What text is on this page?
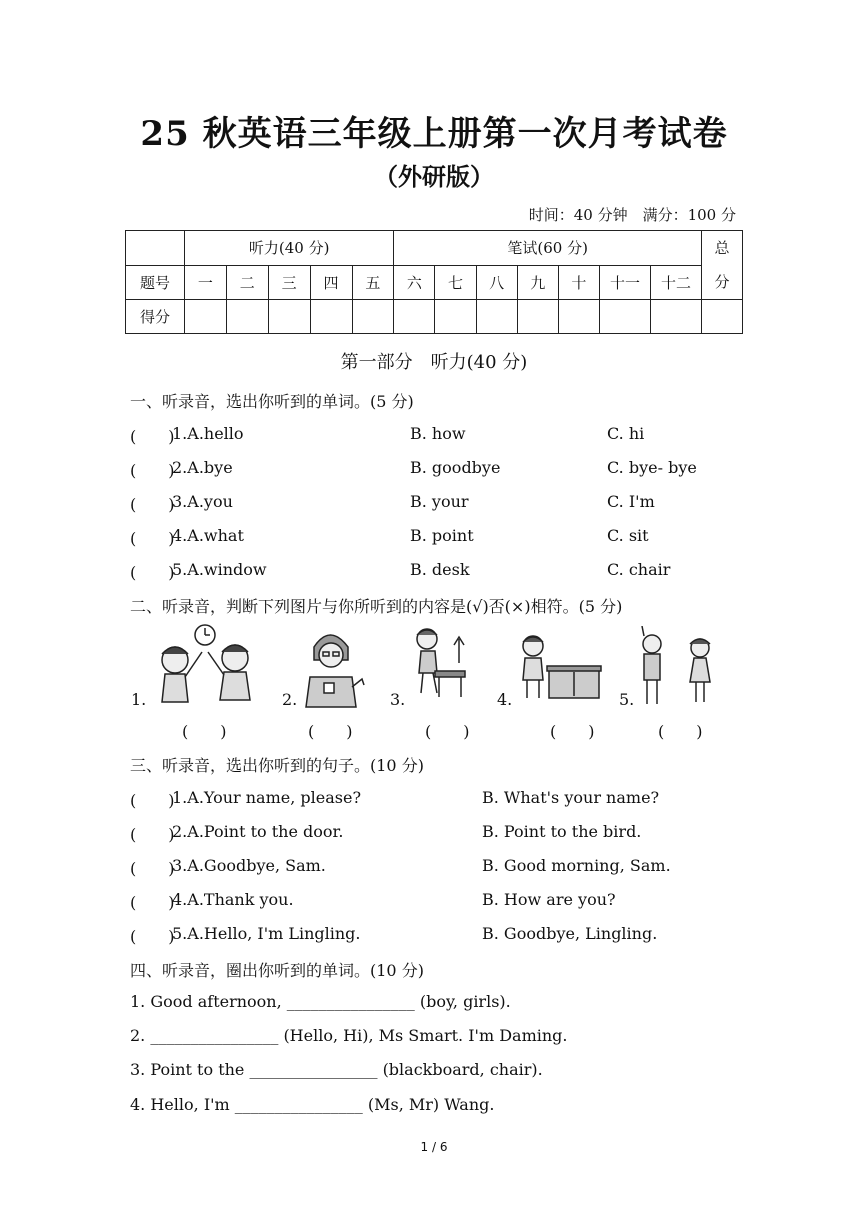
25 秋英语三年级上册第一次月考试卷
（外研版）
时间：40 分钟　满分：100 分
	听力(40 分)					笔试(60 分)							总
分
题号	一	二	三	四	五	六	七	八	九	十	十一	十二	
得分													
第一部分　听力(40 分)
一、听录音，选出你听到的单词。(5 分)
(　　)
1.A.hello	B. how	C. hi
(　　)
2.A.bye	B. goodbye	C. bye- bye
(　　)
3.A.you	B. your	C. I'm
(　　)
4.A.what	B. point	C. sit
(　　)
5.A.window	B. desk	C. chair
二、听录音，判断下列图片与你所听到的内容是(√)否(×)相符。(5 分)
1.	2.	3.	4.	5.
(　　)	(　　)	(　　)	(　　)	(　　)
三、听录音，选出你听到的句子。(10 分)
(　　)
1.A.Your name, please?	B. What's your name?
(　　)
2.A.Point to the door.	B. Point to the bird.
(　　)
3.A.Goodbye, Sam.	B. Good morning, Sam.
(　　)
4.A.Thank you.	B. How are you?
(　　)
5.A.Hello, I'm Lingling.	B. Goodbye, Lingling.
四、听录音，圈出你听到的单词。(10 分)
1. Good afternoon, ________________ (boy, girls).
2. ________________ (Hello, Hi), Ms Smart. I'm Daming.
3. Point to the ________________ (blackboard, chair).
4. Hello, I'm ________________ (Ms, Mr) Wang.
1 / 6
